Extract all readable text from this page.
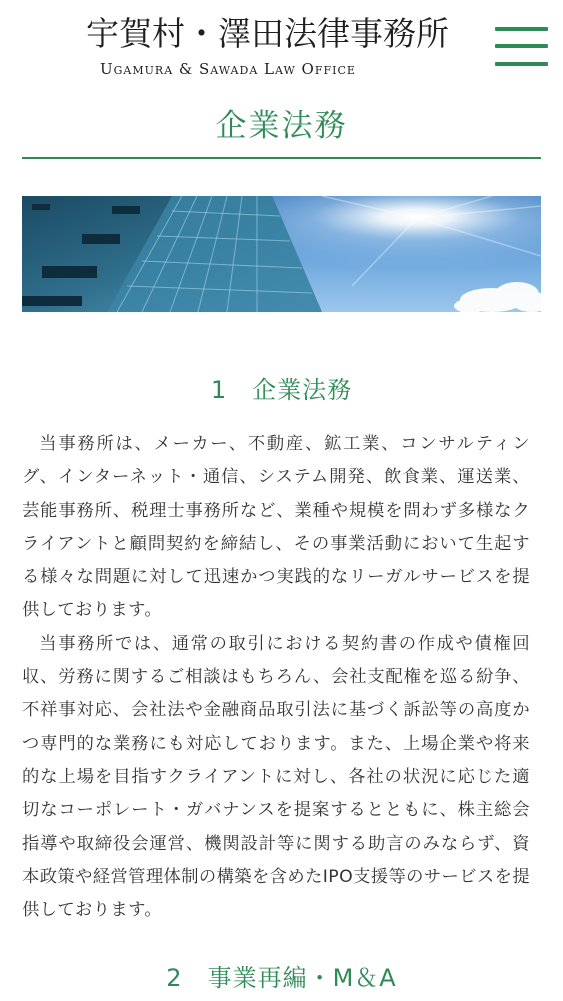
宇賀村・澤田法律事務所
Ugamura & Sawada Law Office
企業法務
1　企業法務

当事務所は、メーカー、不動産、鉱工業、コンサルティング、インターネット・通信、システム開発、飲食業、運送業、芸能事務所、税理士事務所など、業種や規模を問わず多様なクライアントと顧問契約を締結し、その事業活動において生起する様々な問題に対して迅速かつ実践的なリーガルサービスを提供しております。

当事務所では、通常の取引における契約書の作成や債権回収、労務に関するご相談はもちろん、会社支配権を巡る紛争、不祥事対応、会社法や金融商品取引法に基づく訴訟等の高度かつ専門的な業務にも対応しております。また、上場企業や将来的な上場を目指すクライアントに対し、各社の状況に応じた適切なコーポレート・ガバナンスを提案するとともに、株主総会指導や取締役会運営、機関設計等に関する助言のみならず、資本政策や経営管理体制の構築を含めたIPO支援等のサービスを提供しております。

2　事業再編・M＆A
